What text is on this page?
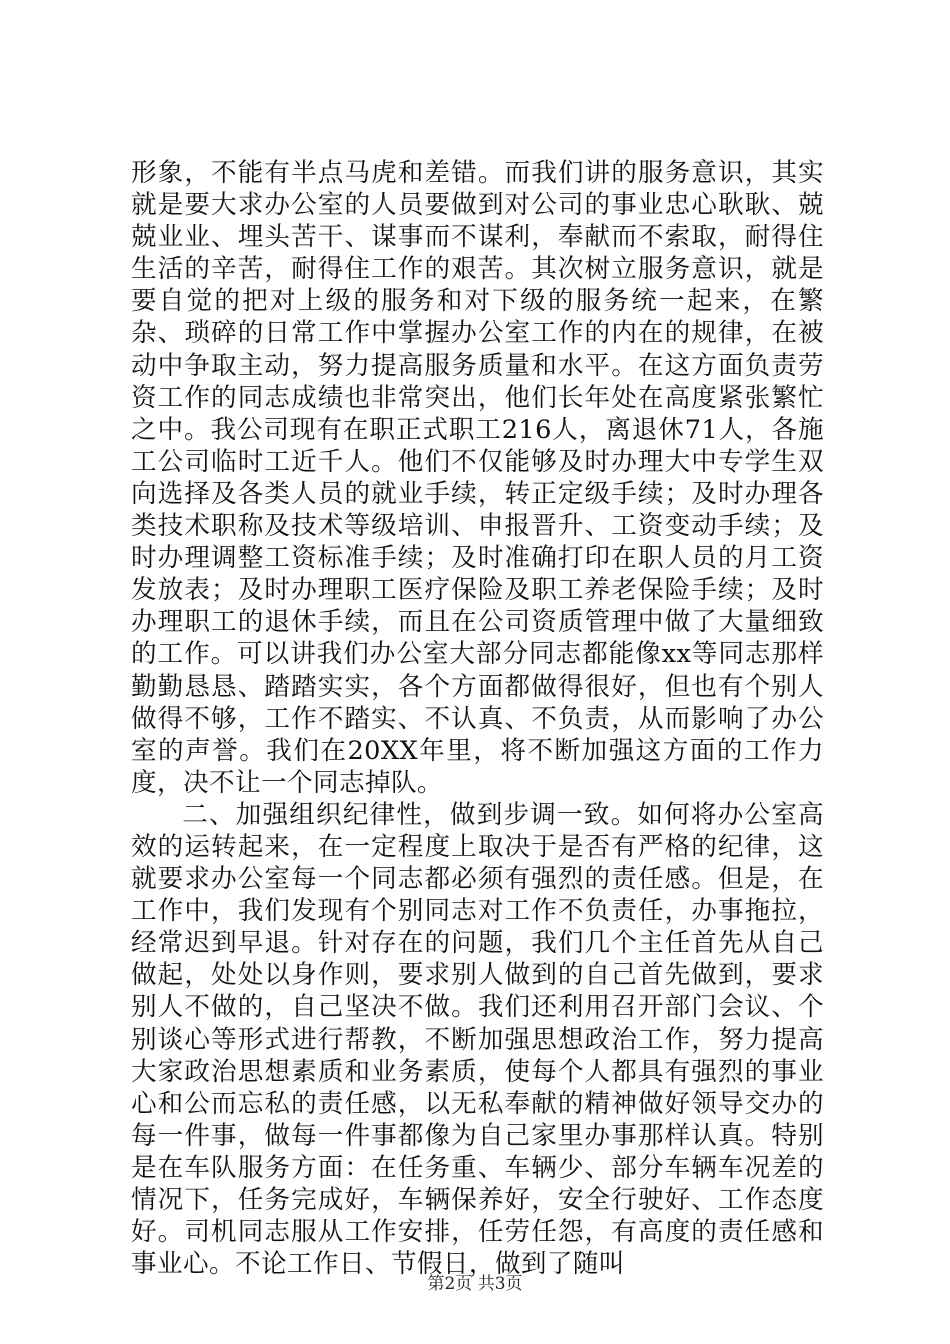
形象，不能有半点马虎和差错。而我们讲的服务意识，其实就是要大求办公室的人员要做到对公司的事业忠心耿耿、兢兢业业、埋头苦干、谋事而不谋利，奉献而不索取，耐得住生活的辛苦，耐得住工作的艰苦。其次树立服务意识，就是要自觉的把对上级的服务和对下级的服务统一起来，在繁杂、琐碎的日常工作中掌握办公室工作的内在的规律，在被动中争取主动，努力提高服务质量和水平。在这方面负责劳资工作的同志成绩也非常突出，他们长年处在高度紧张繁忙之中。我公司现有在职正式职工216人，离退休71人，各施工公司临时工近千人。他们不仅能够及时办理大中专学生双向选择及各类人员的就业手续，转正定级手续；及时办理各类技术职称及技术等级培训、申报晋升、工资变动手续；及时办理调整工资标准手续；及时准确打印在职人员的月工资发放表；及时办理职工医疗保险及职工养老保险手续；及时办理职工的退休手续，而且在公司资质管理中做了大量细致的工作。可以讲我们办公室大部分同志都能像xx等同志那样勤勤恳恳、踏踏实实，各个方面都做得很好，但也有个别人做得不够，工作不踏实、不认真、不负责，从而影响了办公室的声誉。我们在20XX年里，将不断加强这方面的工作力度，决不让一个同志掉队。

二、加强组织纪律性，做到步调一致。如何将办公室高效的运转起来，在一定程度上取决于是否有严格的纪律，这就要求办公室每一个同志都必须有强烈的责任感。但是，在工作中，我们发现有个别同志对工作不负责任，办事拖拉，经常迟到早退。针对存在的问题，我们几个主任首先从自己做起，处处以身作则，要求别人做到的自己首先做到，要求别人不做的，自己坚决不做。我们还利用召开部门会议、个别谈心等形式进行帮教，不断加强思想政治工作，努力提高大家政治思想素质和业务素质，使每个人都具有强烈的事业心和公而忘私的责任感，以无私奉献的精神做好领导交办的每一件事，做每一件事都像为自己家里办事那样认真。特别是在车队服务方面：在任务重、车辆少、部分车辆车况差的情况下，任务完成好，车辆保养好，安全行驶好、工作态度好。司机同志服从工作安排，任劳任怨，有高度的责任感和事业心。不论工作日、节假日，做到了随叫

第2页 共3页
